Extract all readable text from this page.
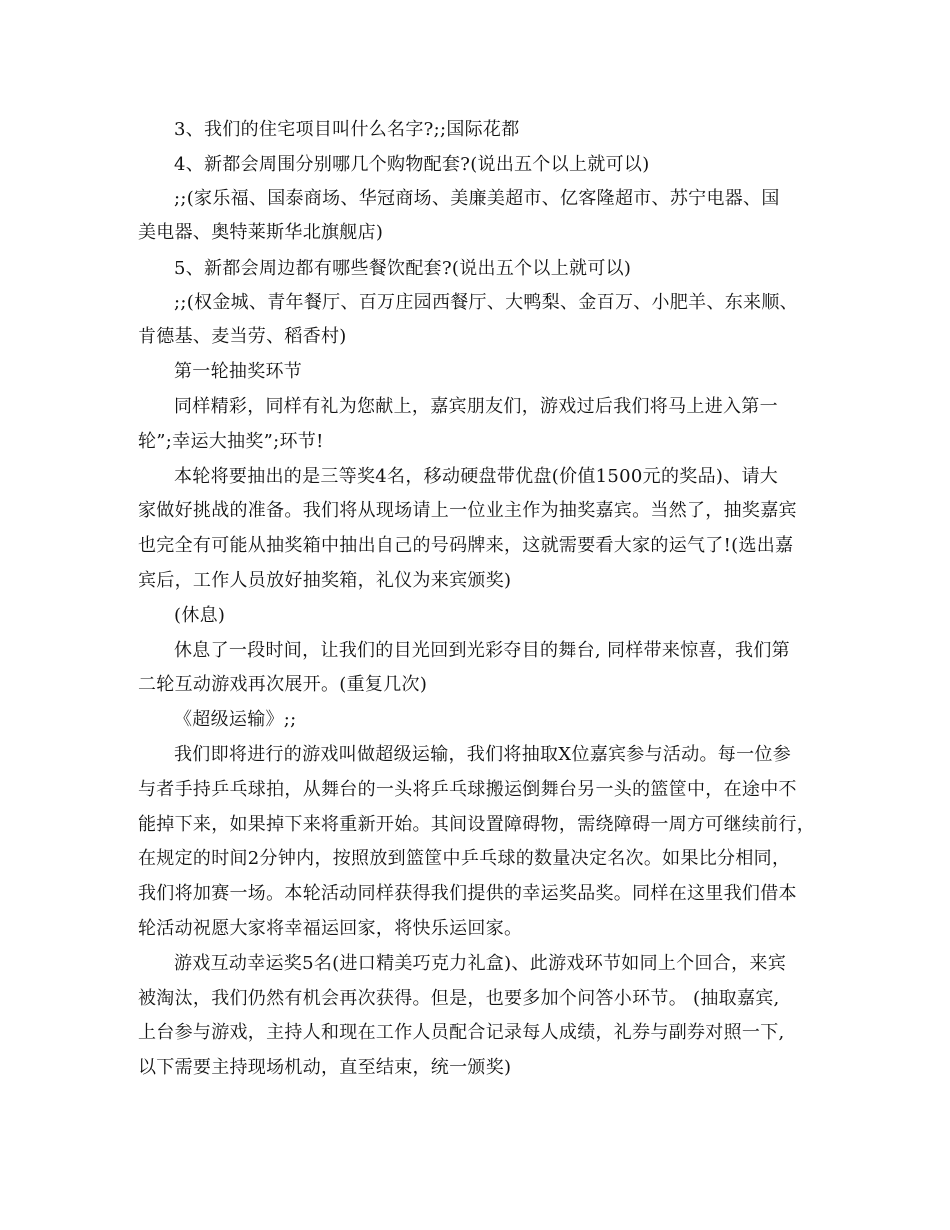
3、我们的住宅项目叫什么名字?;;国际花都
4、新都会周围分别哪几个购物配套?(说出五个以上就可以)
;;(家乐福、国泰商场、华冠商场、美廉美超市、亿客隆超市、苏宁电器、国
美电器、奥特莱斯华北旗舰店)
5、新都会周边都有哪些餐饮配套?(说出五个以上就可以)
;;(权金城、青年餐厅、百万庄园西餐厅、大鸭梨、金百万、小肥羊、东来顺、
肯德基、麦当劳、稻香村)
第一轮抽奖环节
同样精彩，同样有礼为您献上，嘉宾朋友们，游戏过后我们将马上进入第一
轮”;幸运大抽奖”;环节!
本轮将要抽出的是三等奖4名，移动硬盘带优盘(价值1500元的奖品)、请大
家做好挑战的准备。我们将从现场请上一位业主作为抽奖嘉宾。当然了，抽奖嘉宾
也完全有可能从抽奖箱中抽出自己的号码牌来，这就需要看大家的运气了!(选出嘉
宾后，工作人员放好抽奖箱，礼仪为来宾颁奖)
(休息)
休息了一段时间，让我们的目光回到光彩夺目的舞台, 同样带来惊喜，我们第
二轮互动游戏再次展开。(重复几次)
《超级运输》;;
我们即将进行的游戏叫做超级运输，我们将抽取X位嘉宾参与活动。每一位参
与者手持乒乓球拍，从舞台的一头将乒乓球搬运倒舞台另一头的篮筐中，在途中不
能掉下来，如果掉下来将重新开始。其间设置障碍物，需绕障碍一周方可继续前行，
在规定的时间2分钟内，按照放到篮筐中乒乓球的数量决定名次。如果比分相同，
我们将加赛一场。本轮活动同样获得我们提供的幸运奖品奖。同样在这里我们借本
轮活动祝愿大家将幸福运回家，将快乐运回家。
游戏互动幸运奖5名(进口精美巧克力礼盒)、此游戏环节如同上个回合，来宾
被淘汰，我们仍然有机会再次获得。但是，也要多加个问答小环节。 (抽取嘉宾,
上台参与游戏，主持人和现在工作人员配合记录每人成绩，礼券与副券对照一下,
以下需要主持现场机动，直至结束，统一颁奖)
